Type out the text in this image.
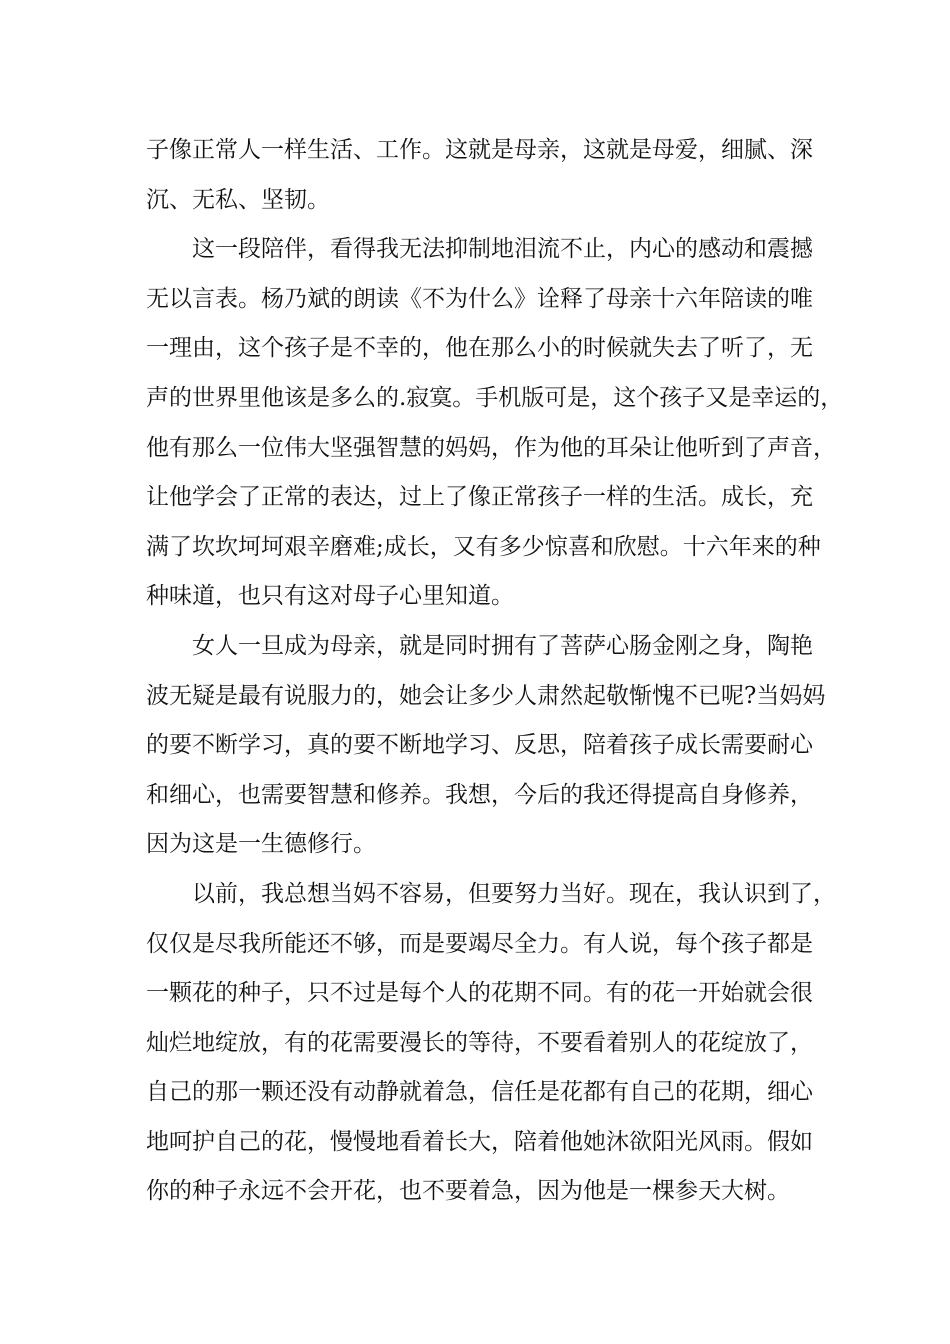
子像正常人一样生活、工作。这就是母亲，这就是母爱，细腻、深
沉、无私、坚韧。
这一段陪伴，看得我无法抑制地泪流不止，内心的感动和震撼
无以言表。杨乃斌的朗读《不为什么》诠释了母亲十六年陪读的唯
一理由，这个孩子是不幸的，他在那么小的时候就失去了听了，无
声的世界里他该是多么的.寂寞。手机版可是，这个孩子又是幸运的，
他有那么一位伟大坚强智慧的妈妈，作为他的耳朵让他听到了声音，
让他学会了正常的表达，过上了像正常孩子一样的生活。成长，充
满了坎坎坷坷艰辛磨难;成长，又有多少惊喜和欣慰。十六年来的种
种味道，也只有这对母子心里知道。
女人一旦成为母亲，就是同时拥有了菩萨心肠金刚之身，陶艳
波无疑是最有说服力的，她会让多少人肃然起敬惭愧不已呢?当妈妈
的要不断学习，真的要不断地学习、反思，陪着孩子成长需要耐心
和细心，也需要智慧和修养。我想，今后的我还得提高自身修养，
因为这是一生德修行。
以前，我总想当妈不容易，但要努力当好。现在，我认识到了，
仅仅是尽我所能还不够，而是要竭尽全力。有人说，每个孩子都是
一颗花的种子，只不过是每个人的花期不同。有的花一开始就会很
灿烂地绽放，有的花需要漫长的等待，不要看着别人的花绽放了，
自己的那一颗还没有动静就着急，信任是花都有自己的花期，细心
地呵护自己的花，慢慢地看着长大，陪着他她沐欲阳光风雨。假如
你的种子永远不会开花，也不要着急，因为他是一棵参天大树。
